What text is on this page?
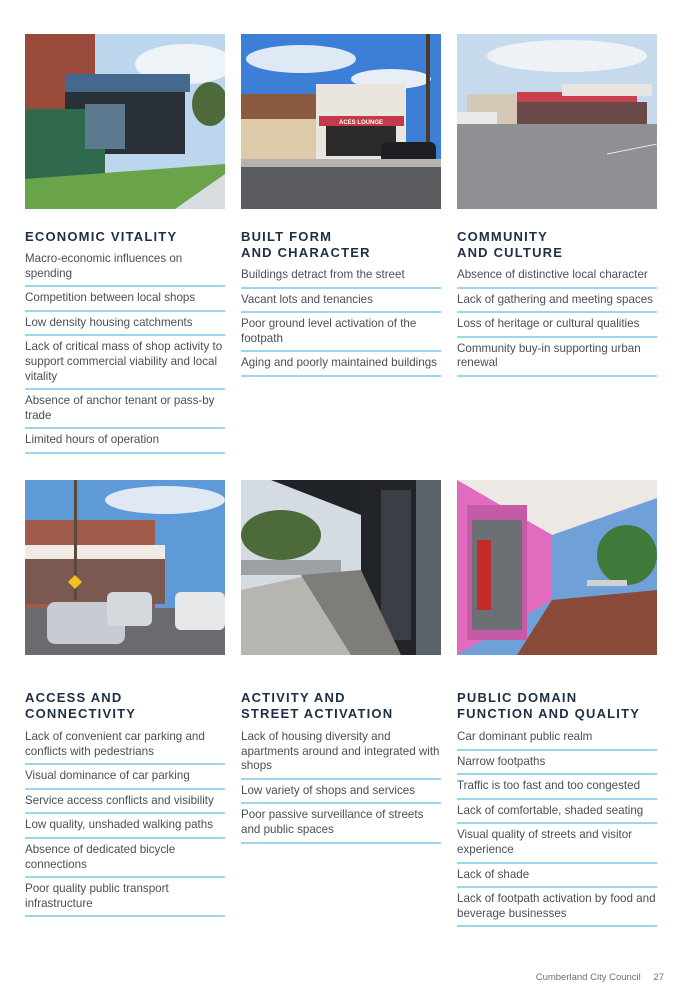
ACES LOUNGE
ECONOMIC VITALITY
Macro-economic influences on spending
Competition between local shops
Low density housing catchments
Lack of critical mass of shop activity to support commercial viability and local vitality
Absence of anchor tenant or pass-by trade
Limited hours of operation
BUILT FORM
AND CHARACTER
Buildings detract from the street
Vacant lots and tenancies
Poor ground level activation of the footpath
Aging and poorly maintained buildings
COMMUNITY
AND CULTURE
Absence of distinctive local character
Lack of gathering and meeting spaces
Loss of heritage or cultural qualities
Community buy-in supporting urban renewal
ACCESS AND
CONNECTIVITY
Lack of convenient car parking and conflicts with pedestrians
Visual dominance of car parking
Service access conflicts and visibility
Low quality, unshaded walking paths
Absence of dedicated bicycle connections
Poor quality public transport infrastructure
ACTIVITY AND
STREET ACTIVATION
Lack of housing diversity and apartments around and integrated with shops
Low variety of shops and services
Poor passive surveillance of streets and public spaces
PUBLIC DOMAIN
FUNCTION AND QUALITY
Car dominant public realm
Narrow footpaths
Traffic is too fast and too congested
Lack of comfortable, shaded seating
Visual quality of streets and visitor experience
Lack of shade
Lack of footpath activation by food and beverage businesses
Cumberland City Council 27
